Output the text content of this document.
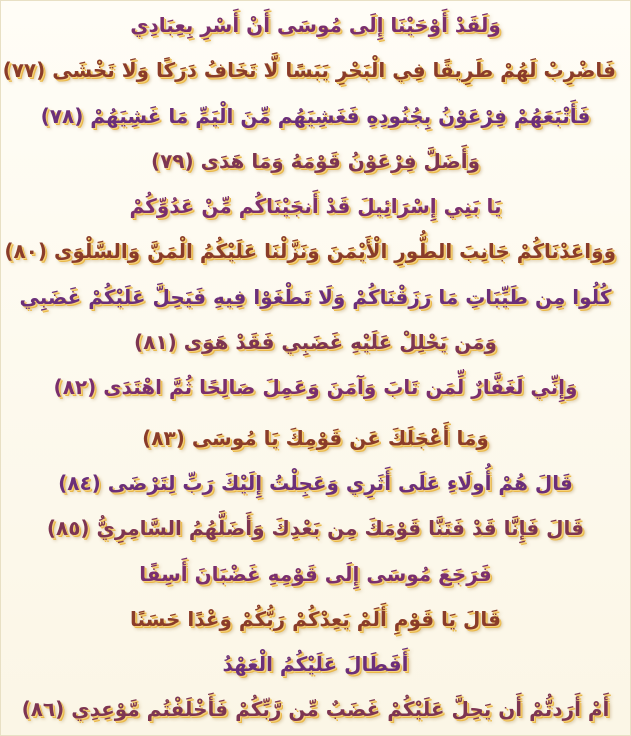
وَلَقَدْ أَوْحَيْنَا إِلَى مُوسَى أَنْ أَسْرِ بِعِبَادِي
فَاضْرِبْ لَهُمْ طَرِيقًا فِي الْبَحْرِ يَبَسًا لَّا تَخَافُ دَرَكًا وَلَا تَخْشَى (٧٧)
فَأَتْبَعَهُمْ فِرْعَوْنُ بِجُنُودِهِ فَغَشِيَهُم مِّنَ الْيَمِّ مَا غَشِيَهُمْ (٧٨)
وَأَضَلَّ فِرْعَوْنُ قَوْمَهُ وَمَا هَدَى (٧٩)
يَا بَنِي إِسْرَائِيلَ قَدْ أَنجَيْنَاكُم مِّنْ عَدُوِّكُمْ
وَوَاعَدْنَاكُمْ جَانِبَ الطُّورِ الْأَيْمَنَ وَنَزَّلْنَا عَلَيْكُمُ الْمَنَّ وَالسَّلْوَى (٨٠)
كُلُوا مِن طَيِّبَاتِ مَا رَزَقْنَاكُمْ وَلَا تَطْغَوْا فِيهِ فَيَحِلَّ عَلَيْكُمْ غَضَبِي
وَمَن يَحْلِلْ عَلَيْهِ غَضَبِي فَقَدْ هَوَى (٨١)
وَإِنِّي لَغَفَّارٌ لِّمَن تَابَ وَآمَنَ وَعَمِلَ صَالِحًا ثُمَّ اهْتَدَى (٨٢)
وَمَا أَعْجَلَكَ عَن قَوْمِكَ يَا مُوسَى (٨٣)
قَالَ هُمْ أُولَاءِ عَلَى أَثَرِي وَعَجِلْتُ إِلَيْكَ رَبِّ لِتَرْضَى (٨٤)
قَالَ فَإِنَّا قَدْ فَتَنَّا قَوْمَكَ مِن بَعْدِكَ وَأَضَلَّهُمُ السَّامِرِيُّ (٨٥)
فَرَجَعَ مُوسَى إِلَى قَوْمِهِ غَضْبَانَ أَسِفًا
قَالَ يَا قَوْمِ أَلَمْ يَعِدْكُمْ رَبُّكُمْ وَعْدًا حَسَنًا
أَفَطَالَ عَلَيْكُمُ الْعَهْدُ
أَمْ أَرَدتُّمْ أَن يَحِلَّ عَلَيْكُمْ غَضَبٌ مِّن رَّبِّكُمْ فَأَخْلَفْتُم مَّوْعِدِي (٨٦)
